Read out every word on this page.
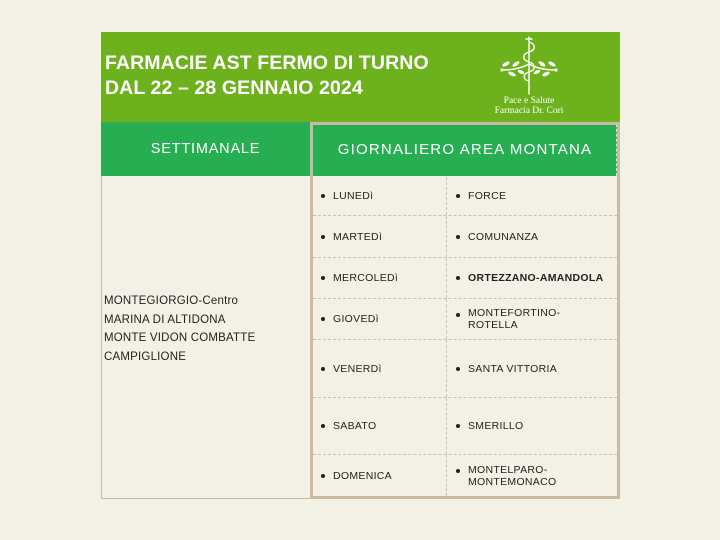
FARMACIE AST FERMO DI TURNO
DAL 22 – 28 GENNAIO 2024
Pace e Salute
Farmacia Dr. Cori
SETTIMANALE	GIORNALIERO AREA MONTANA
MONTEGIORGIO-Centro
MARINA DI ALTIDONA
MONTE VIDON COMBATTE
CAMPIGLIONE
LUNEDì	FORCE
MARTEDì	COMUNANZA
MERCOLEDì	ORTEZZANO-AMANDOLA
GIOVEDì	MONTEFORTINO-
ROTELLA
VENERDì	SANTA VITTORIA
SABATO	SMERILLO
DOMENICA	MONTELPARO-
MONTEMONACO
